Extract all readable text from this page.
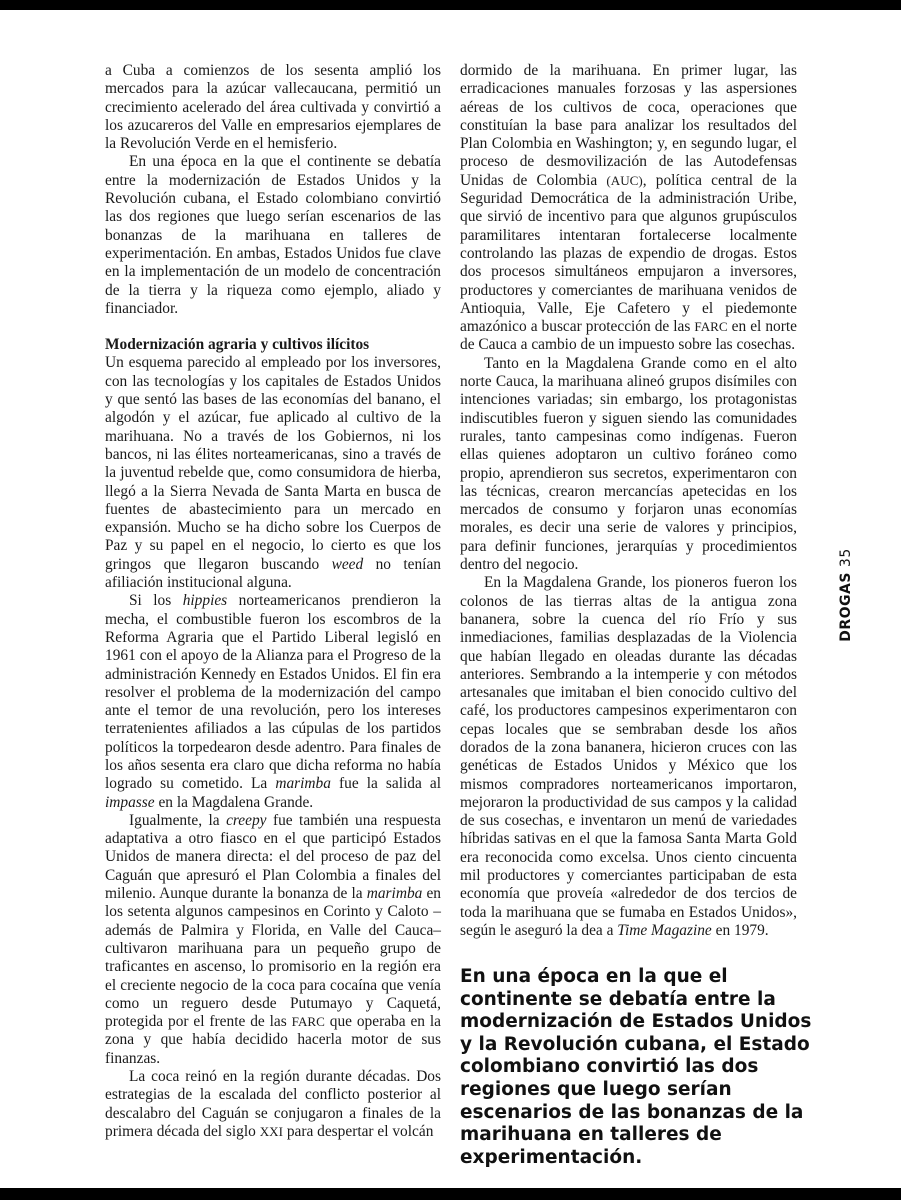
a Cuba a comienzos de los sesenta amplió los mercados para la azúcar vallecaucana, permitió un crecimiento acelerado del área cultivada y convirtió a los azucareros del Valle en empresarios ejemplares de la Revolución Verde en el hemisferio.

En una época en la que el continente se debatía entre la modernización de Estados Unidos y la Revolución cubana, el Estado colombiano convirtió las dos regiones que luego serían escenarios de las bonanzas de la marihuana en talleres de experimentación. En ambas, Estados Unidos fue clave en la implementación de un modelo de concentración de la tierra y la riqueza como ejemplo, aliado y financiador.

Modernización agraria y cultivos ilícitos

Un esquema parecido al empleado por los inversores, con las tecnologías y los capitales de Estados Unidos y que sentó las bases de las economías del banano, el algodón y el azúcar, fue aplicado al cultivo de la marihuana. No a través de los Gobiernos, ni los bancos, ni las élites norteamericanas, sino a través de la juventud rebelde que, como consumidora de hierba, llegó a la Sierra Nevada de Santa Marta en busca de fuentes de abastecimiento para un mercado en expansión. Mucho se ha dicho sobre los Cuerpos de Paz y su papel en el negocio, lo cierto es que los gringos que llegaron buscando weed no tenían afiliación institucional alguna.

Si los hippies norteamericanos prendieron la mecha, el combustible fueron los escombros de la Reforma Agraria que el Partido Liberal legisló en 1961 con el apoyo de la Alianza para el Progreso de la administración Kennedy en Estados Unidos. El fin era resolver el problema de la modernización del campo ante el temor de una revolución, pero los intereses terratenientes afiliados a las cúpulas de los partidos políticos la torpedearon desde adentro. Para finales de los años sesenta era claro que dicha reforma no había logrado su cometido. La marimba fue la salida al impasse en la Magdalena Grande.

Igualmente, la creepy fue también una respuesta adaptativa a otro fiasco en el que participó Estados Unidos de manera directa: el del proceso de paz del Caguán que apresuró el Plan Colombia a finales del milenio. Aunque durante la bonanza de la marimba en los setenta algunos campesinos en Corinto y Caloto –además de Palmira y Florida, en Valle del Cauca– cultivaron marihuana para un pequeño grupo de traficantes en ascenso, lo promisorio en la región era el creciente negocio de la coca para cocaína que venía como un reguero desde Putumayo y Caquetá, protegida por el frente de las FARC que operaba en la zona y que había decidido hacerla motor de sus finanzas.

La coca reinó en la región durante décadas. Dos estrategias de la escalada del conflicto posterior al descalabro del Caguán se conjugaron a finales de la primera década del siglo XXI para despertar el volcán

dormido de la marihuana. En primer lugar, las erradicaciones manuales forzosas y las aspersiones aéreas de los cultivos de coca, operaciones que constituían la base para analizar los resultados del Plan Colombia en Washington; y, en segundo lugar, el proceso de desmovilización de las Autodefensas Unidas de Colombia (AUC), política central de la Seguridad Democrática de la administración Uribe, que sirvió de incentivo para que algunos grupúsculos paramilitares intentaran fortalecerse localmente controlando las plazas de expendio de drogas. Estos dos procesos simultáneos empujaron a inversores, productores y comerciantes de marihuana venidos de Antioquia, Valle, Eje Cafetero y el piedemonte amazónico a buscar protección de las FARC en el norte de Cauca a cambio de un impuesto sobre las cosechas.

Tanto en la Magdalena Grande como en el alto norte Cauca, la marihuana alineó grupos disímiles con intenciones variadas; sin embargo, los protagonistas indiscutibles fueron y siguen siendo las comunidades rurales, tanto campesinas como indígenas. Fueron ellas quienes adoptaron un cultivo foráneo como propio, aprendieron sus secretos, experimentaron con las técnicas, crearon mercancías apetecidas en los mercados de consumo y forjaron unas economías morales, es decir una serie de valores y principios, para definir funciones, jerarquías y procedimientos dentro del negocio.

En la Magdalena Grande, los pioneros fueron los colonos de las tierras altas de la antigua zona bananera, sobre la cuenca del río Frío y sus inmediaciones, familias desplazadas de la Violencia que habían llegado en oleadas durante las décadas anteriores. Sembrando a la intemperie y con métodos artesanales que imitaban el bien conocido cultivo del café, los productores campesinos experimentaron con cepas locales que se sembraban desde los años dorados de la zona bananera, hicieron cruces con las genéticas de Estados Unidos y México que los mismos compradores norteamericanos importaron, mejoraron la productividad de sus campos y la calidad de sus cosechas, e inventaron un menú de variedades híbridas sativas en el que la famosa Santa Marta Gold era reconocida como excelsa. Unos ciento cincuenta mil productores y comerciantes participaban de esta economía que proveía «alrededor de dos tercios de toda la marihuana que se fumaba en Estados Unidos», según le aseguró la dea a Time Magazine en 1979.

En una época en la que el continente se debatía entre la modernización de Estados Unidos y la Revolución cubana, el Estado colombiano convirtió las dos regiones que luego serían escenarios de las bonanzas de la marihuana en talleres de experimentación.
DROGAS 35
